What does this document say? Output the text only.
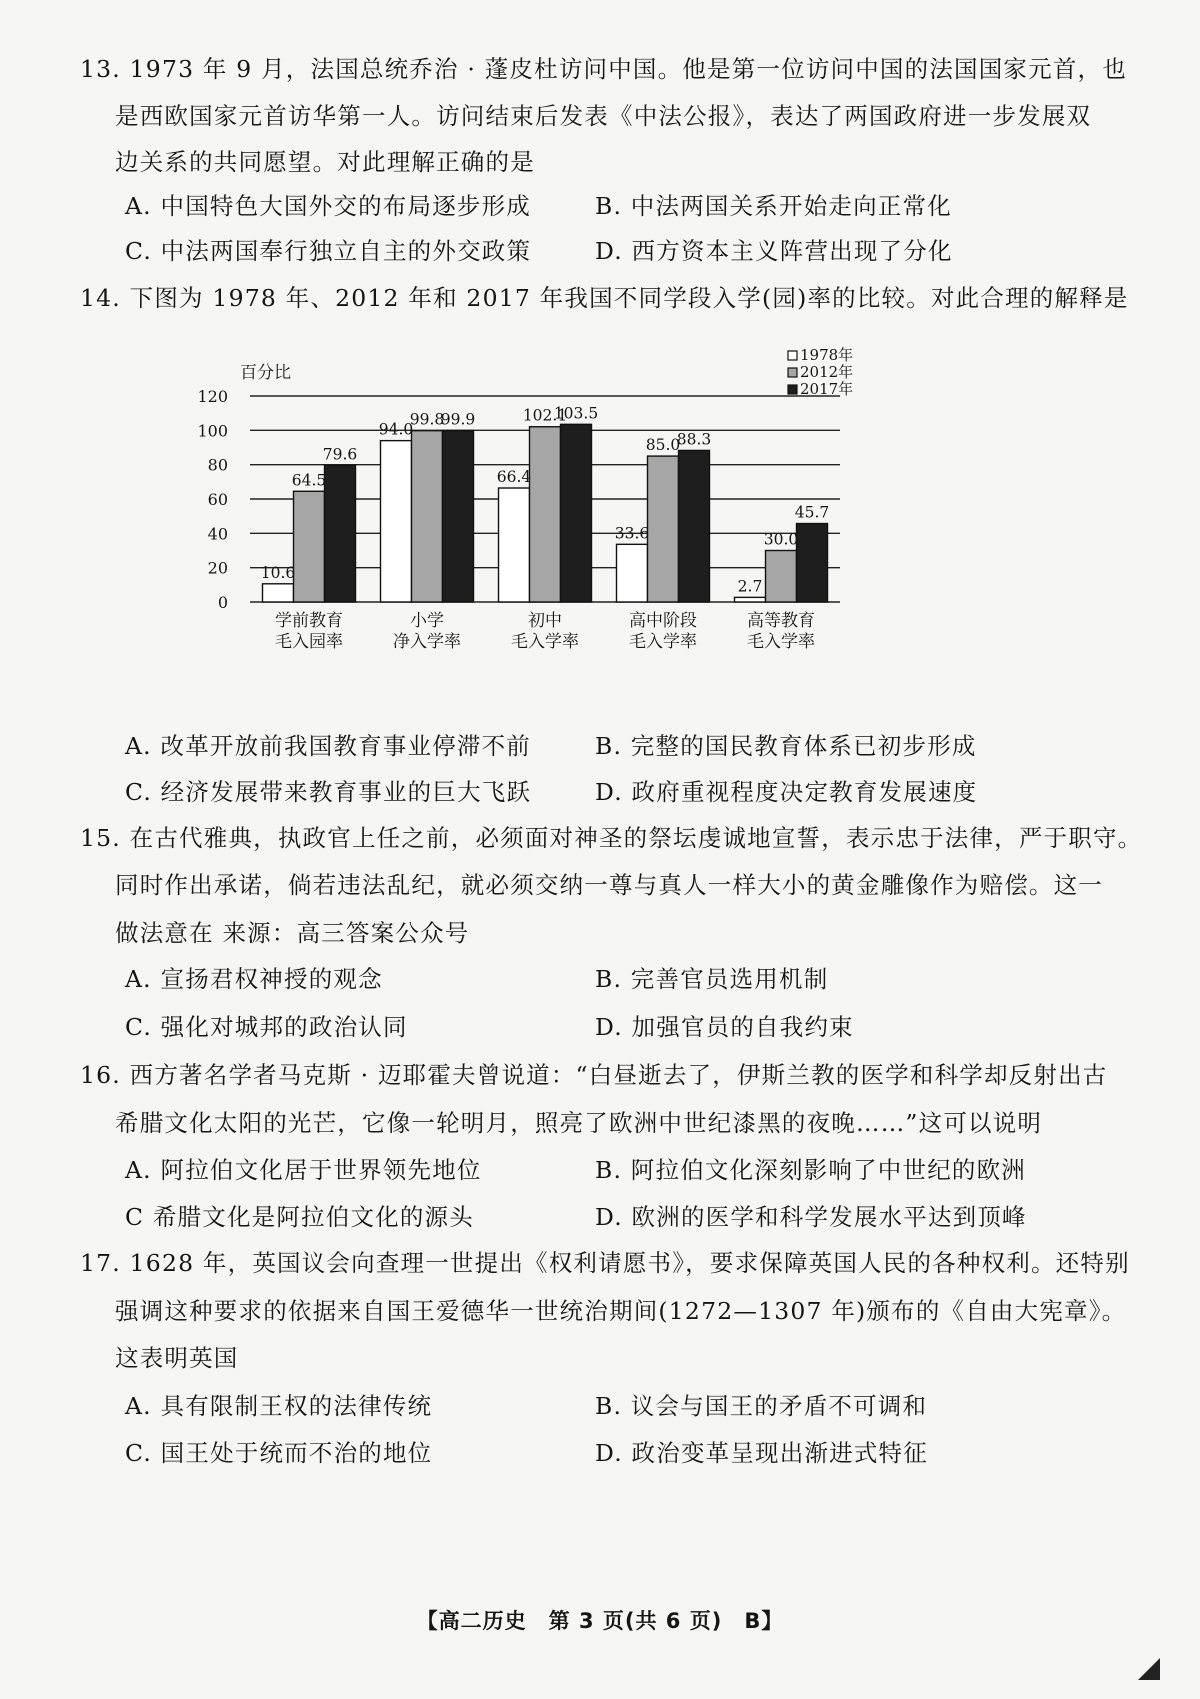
13. 1973 年 9 月，法国总统乔治 · 蓬皮杜访问中国。他是第一位访问中国的法国国家元首，也
是西欧国家元首访华第一人。访问结束后发表《中法公报》，表达了两国政府进一步发展双
边关系的共同愿望。对此理解正确的是
A. 中国特色大国外交的布局逐步形成	B. 中法两国关系开始走向正常化
C. 中法两国奉行独立自主的外交政策	D. 西方资本主义阵营出现了分化
14. 下图为 1978 年、2012 年和 2017 年我国不同学段入学(园)率的比较。对此合理的解释是
百分比
0
20
40
60
80
100
120
10.6
64.5
79.6
94.0
99.8
99.9
66.4
102.1
103.5
33.6
85.0
88.3
2.7
30.0
45.7
学前教育
毛入园率
小学
净入学率
初中
毛入学率
高中阶段
毛入学率
高等教育
毛入学率
1978年
2012年
2017年
A. 改革开放前我国教育事业停滞不前	B. 完整的国民教育体系已初步形成
C. 经济发展带来教育事业的巨大飞跃	D. 政府重视程度决定教育发展速度
15. 在古代雅典，执政官上任之前，必须面对神圣的祭坛虔诚地宣誓，表示忠于法律，严于职守。
同时作出承诺，倘若违法乱纪，就必须交纳一尊与真人一样大小的黄金雕像作为赔偿。这一
做法意在 来源：高三答案公众号
A. 宣扬君权神授的观念	B. 完善官员选用机制
C. 强化对城邦的政治认同	D. 加强官员的自我约束
16. 西方著名学者马克斯 · 迈耶霍夫曾说道：“白昼逝去了，伊斯兰教的医学和科学却反射出古
希腊文化太阳的光芒，它像一轮明月，照亮了欧洲中世纪漆黑的夜晚……”这可以说明
A. 阿拉伯文化居于世界领先地位	B. 阿拉伯文化深刻影响了中世纪的欧洲
C 希腊文化是阿拉伯文化的源头	D. 欧洲的医学和科学发展水平达到顶峰
17. 1628 年，英国议会向查理一世提出《权利请愿书》，要求保障英国人民的各种权利。还特别
强调这种要求的依据来自国王爱德华一世统治期间(1272—1307 年)颁布的《自由大宪章》。
这表明英国
A. 具有限制王权的法律传统	B. 议会与国王的矛盾不可调和
C. 国王处于统而不治的地位	D. 政治变革呈现出渐进式特征
【高二历史　第 3 页(共 6 页)　B】
